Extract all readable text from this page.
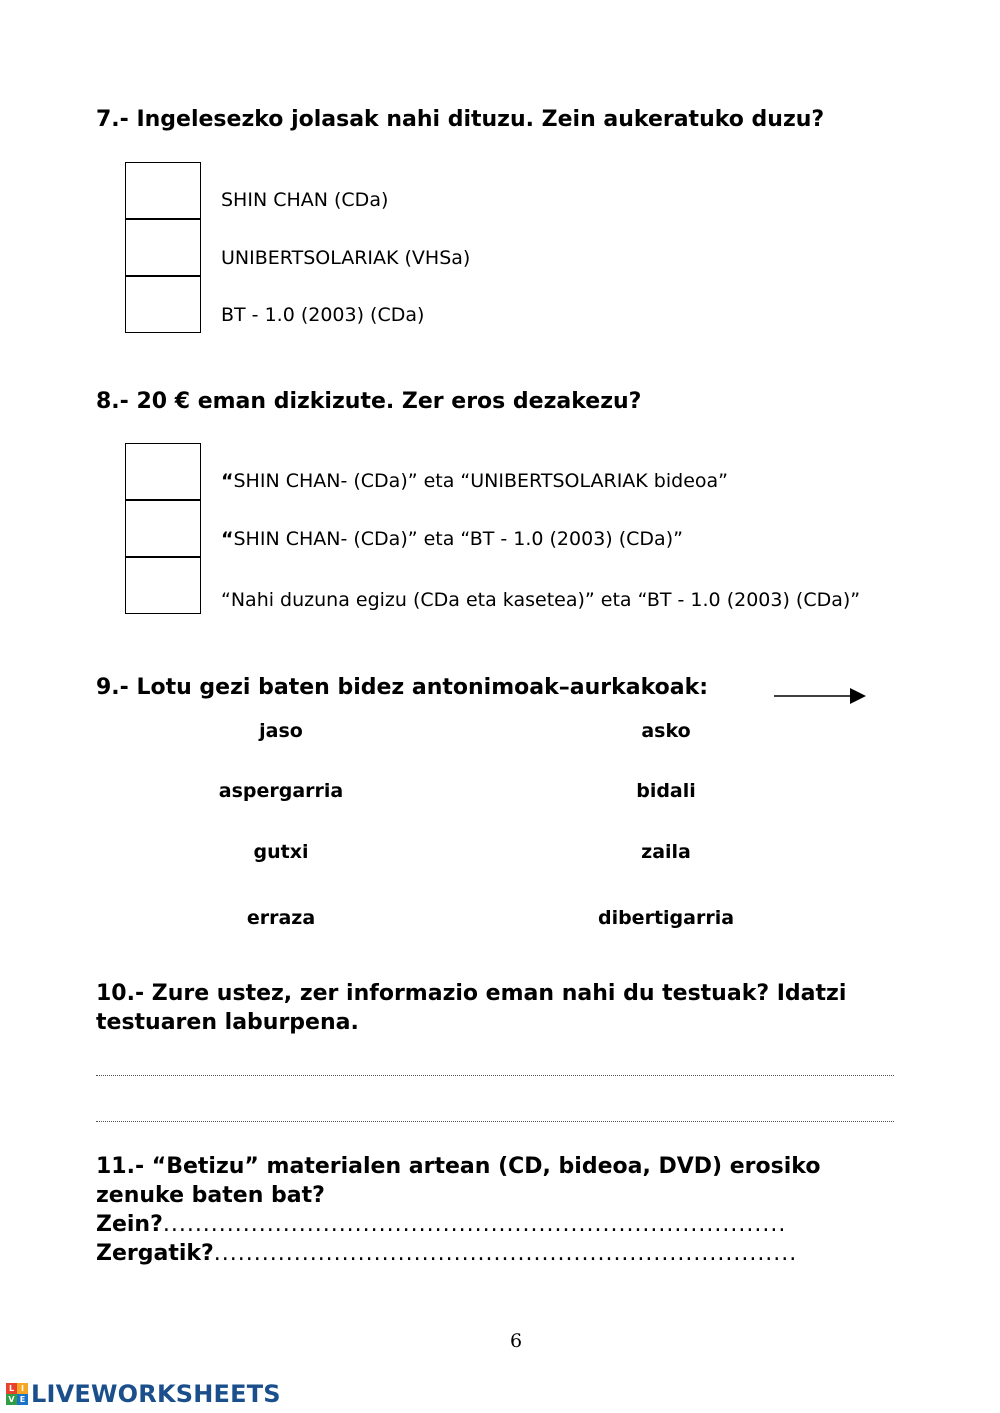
7.- Ingelesezko jolasak nahi dituzu. Zein aukeratuko duzu?

SHIN CHAN (CDa)
UNIBERTSOLARIAK (VHSa)
BT - 1.0 (2003) (CDa)

8.- 20 € eman dizkizute. Zer eros dezakezu?

“SHIN CHAN- (CDa)” eta “UNIBERTSOLARIAK bideoa”
“SHIN CHAN- (CDa)” eta “BT - 1.0 (2003) (CDa)”
“Nahi duzuna egizu (CDa eta kasetea)” eta “BT - 1.0 (2003) (CDa)”

9.- Lotu gezi baten bidez antonimoak–aurkakoak:

jaso
aspergarria
gutxi
erraza
asko
bidali
zaila
dibertigarria

10.- Zure ustez, zer informazio eman nahi du testuak? Idatzi

testuaren laburpena.

11.- “Betizu” materialen artean (CD, bideoa, DVD) erosiko

zenuke baten bat?

Zein?..............................................................................
Zergatik?.........................................................................
6
L I
V E LIVEWORKSHEETS
